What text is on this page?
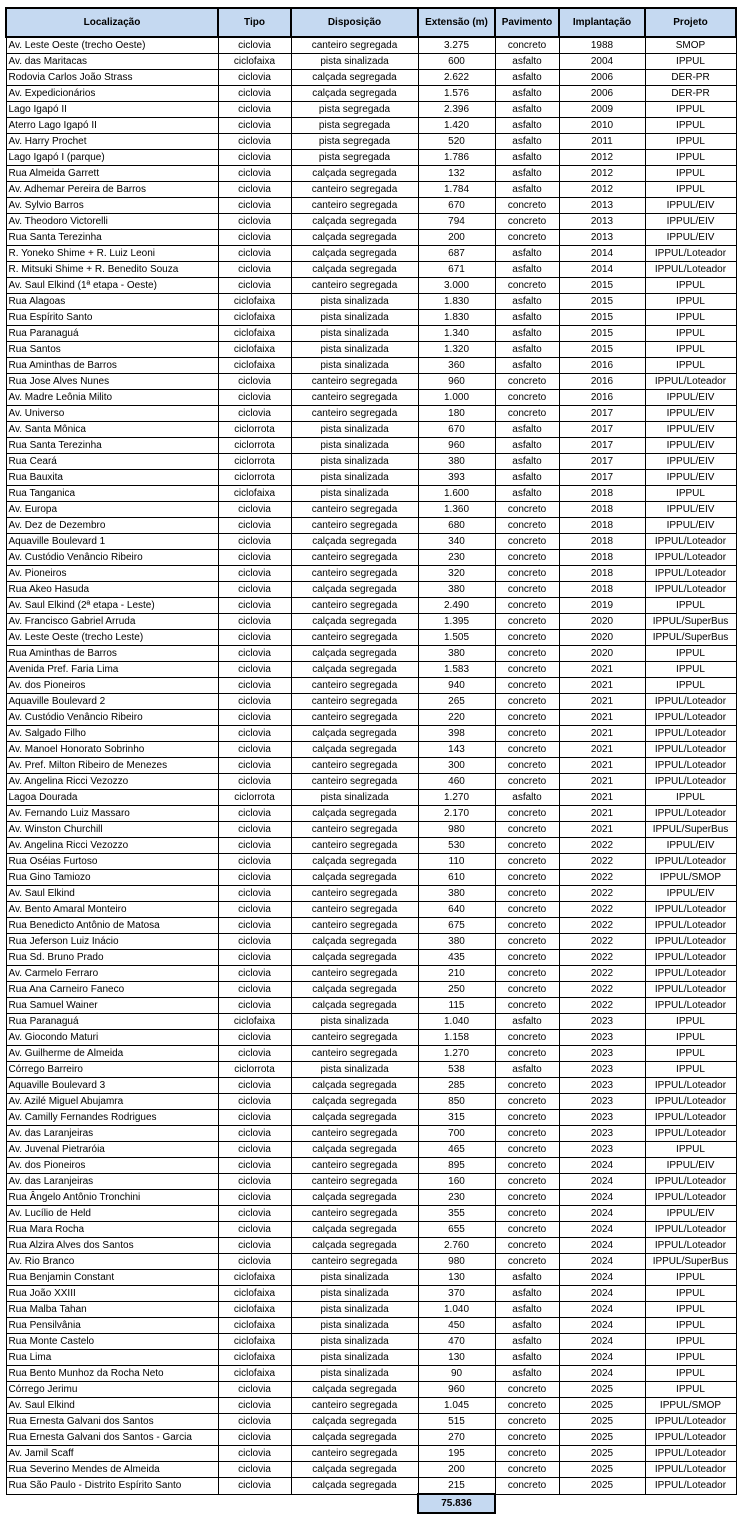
Localização	Tipo	Disposição	Extensão (m)	Pavimento	Implantação	Projeto
Av. Leste Oeste (trecho Oeste)	ciclovia	canteiro segregada	3.275	concreto	1988	SMOP
Av. das Maritacas	ciclofaixa	pista sinalizada	600	asfalto	2004	IPPUL
Rodovia Carlos João Strass	ciclovia	calçada segregada	2.622	asfalto	2006	DER-PR
Av. Expedicionários	ciclovia	calçada segregada	1.576	asfalto	2006	DER-PR
Lago Igapó II	ciclovia	pista segregada	2.396	asfalto	2009	IPPUL
Aterro Lago Igapó II	ciclovia	pista segregada	1.420	asfalto	2010	IPPUL
Av. Harry Prochet	ciclovia	pista segregada	520	asfalto	2011	IPPUL
Lago Igapó I (parque)	ciclovia	pista segregada	1.786	asfalto	2012	IPPUL
Rua Almeida Garrett	ciclovia	calçada segregada	132	asfalto	2012	IPPUL
Av. Adhemar Pereira de Barros	ciclovia	canteiro segregada	1.784	asfalto	2012	IPPUL
Av. Sylvio Barros	ciclovia	canteiro segregada	670	concreto	2013	IPPUL/EIV
Av. Theodoro Victorelli	ciclovia	calçada segregada	794	concreto	2013	IPPUL/EIV
Rua Santa Terezinha	ciclovia	calçada segregada	200	concreto	2013	IPPUL/EIV
R. Yoneko Shime + R. Luiz Leoni	ciclovia	calçada segregada	687	asfalto	2014	IPPUL/Loteador
R. Mitsuki Shime + R. Benedito Souza	ciclovia	calçada segregada	671	asfalto	2014	IPPUL/Loteador
Av. Saul Elkind (1ª etapa - Oeste)	ciclovia	canteiro segregada	3.000	concreto	2015	IPPUL
Rua Alagoas	ciclofaixa	pista sinalizada	1.830	asfalto	2015	IPPUL
Rua Espírito Santo	ciclofaixa	pista sinalizada	1.830	asfalto	2015	IPPUL
Rua Paranaguá	ciclofaixa	pista sinalizada	1.340	asfalto	2015	IPPUL
Rua Santos	ciclofaixa	pista sinalizada	1.320	asfalto	2015	IPPUL
Rua Aminthas de Barros	ciclofaixa	pista sinalizada	360	asfalto	2016	IPPUL
Rua Jose Alves Nunes	ciclovia	canteiro segregada	960	concreto	2016	IPPUL/Loteador
Av. Madre Leônia Milito	ciclovia	canteiro segregada	1.000	concreto	2016	IPPUL/EIV
Av. Universo	ciclovia	canteiro segregada	180	concreto	2017	IPPUL/EIV
Av. Santa Mônica	ciclorrota	pista sinalizada	670	asfalto	2017	IPPUL/EIV
Rua Santa Terezinha	ciclorrota	pista sinalizada	960	asfalto	2017	IPPUL/EIV
Rua Ceará	ciclorrota	pista sinalizada	380	asfalto	2017	IPPUL/EIV
Rua Bauxita	ciclorrota	pista sinalizada	393	asfalto	2017	IPPUL/EIV
Rua Tanganica	ciclofaixa	pista sinalizada	1.600	asfalto	2018	IPPUL
Av. Europa	ciclovia	canteiro segregada	1.360	concreto	2018	IPPUL/EIV
Av. Dez de Dezembro	ciclovia	canteiro segregada	680	concreto	2018	IPPUL/EIV
Aquaville Boulevard 1	ciclovia	calçada segregada	340	concreto	2018	IPPUL/Loteador
Av. Custódio Venâncio Ribeiro	ciclovia	canteiro segregada	230	concreto	2018	IPPUL/Loteador
Av. Pioneiros	ciclovia	canteiro segregada	320	concreto	2018	IPPUL/Loteador
Rua Akeo Hasuda	ciclovia	calçada segregada	380	concreto	2018	IPPUL/Loteador
Av. Saul Elkind (2ª etapa - Leste)	ciclovia	canteiro segregada	2.490	concreto	2019	IPPUL
Av. Francisco Gabriel Arruda	ciclovia	calçada segregada	1.395	concreto	2020	IPPUL/SuperBus
Av. Leste Oeste (trecho Leste)	ciclovia	canteiro segregada	1.505	concreto	2020	IPPUL/SuperBus
Rua Aminthas de Barros	ciclovia	calçada segregada	380	concreto	2020	IPPUL
Avenida Pref. Faria Lima	ciclovia	calçada segregada	1.583	concreto	2021	IPPUL
Av. dos Pioneiros	ciclovia	canteiro segregada	940	concreto	2021	IPPUL
Aquaville Boulevard 2	ciclovia	canteiro segregada	265	concreto	2021	IPPUL/Loteador
Av. Custódio Venâncio Ribeiro	ciclovia	canteiro segregada	220	concreto	2021	IPPUL/Loteador
Av. Salgado Filho	ciclovia	calçada segregada	398	concreto	2021	IPPUL/Loteador
Av. Manoel Honorato Sobrinho	ciclovia	calçada segregada	143	concreto	2021	IPPUL/Loteador
Av. Pref. Milton Ribeiro de Menezes	ciclovia	canteiro segregada	300	concreto	2021	IPPUL/Loteador
Av. Angelina Ricci Vezozzo	ciclovia	canteiro segregada	460	concreto	2021	IPPUL/Loteador
Lagoa Dourada	ciclorrota	pista sinalizada	1.270	asfalto	2021	IPPUL
Av. Fernando Luiz Massaro	ciclovia	calçada segregada	2.170	concreto	2021	IPPUL/Loteador
Av. Winston Churchill	ciclovia	canteiro segregada	980	concreto	2021	IPPUL/SuperBus
Av. Angelina Ricci Vezozzo	ciclovia	canteiro segregada	530	concreto	2022	IPPUL/EIV
Rua Oséias Furtoso	ciclovia	calçada segregada	110	concreto	2022	IPPUL/Loteador
Rua Gino Tamiozo	ciclovia	calçada segregada	610	concreto	2022	IPPUL/SMOP
Av. Saul Elkind	ciclovia	canteiro segregada	380	concreto	2022	IPPUL/EIV
Av. Bento Amaral Monteiro	ciclovia	canteiro segregada	640	concreto	2022	IPPUL/Loteador
Rua Benedicto Antônio de Matosa	ciclovia	canteiro segregada	675	concreto	2022	IPPUL/Loteador
Rua Jeferson Luiz Inácio	ciclovia	calçada segregada	380	concreto	2022	IPPUL/Loteador
Rua Sd. Bruno Prado	ciclovia	calçada segregada	435	concreto	2022	IPPUL/Loteador
Av. Carmelo Ferraro	ciclovia	canteiro segregada	210	concreto	2022	IPPUL/Loteador
Rua Ana Carneiro Faneco	ciclovia	calçada segregada	250	concreto	2022	IPPUL/Loteador
Rua Samuel Wainer	ciclovia	calçada segregada	115	concreto	2022	IPPUL/Loteador
Rua Paranaguá	ciclofaixa	pista sinalizada	1.040	asfalto	2023	IPPUL
Av. Giocondo Maturi	ciclovia	canteiro segregada	1.158	concreto	2023	IPPUL
Av. Guilherme de Almeida	ciclovia	canteiro segregada	1.270	concreto	2023	IPPUL
Córrego Barreiro	ciclorrota	pista sinalizada	538	asfalto	2023	IPPUL
Aquaville Boulevard 3	ciclovia	calçada segregada	285	concreto	2023	IPPUL/Loteador
Av. Azilé Miguel Abujamra	ciclovia	calçada segregada	850	concreto	2023	IPPUL/Loteador
Av. Camilly Fernandes Rodrigues	ciclovia	calçada segregada	315	concreto	2023	IPPUL/Loteador
Av. das Laranjeiras	ciclovia	canteiro segregada	700	concreto	2023	IPPUL/Loteador
Av. Juvenal Pietraróia	ciclovia	calçada segregada	465	concreto	2023	IPPUL
Av. dos Pioneiros	ciclovia	canteiro segregada	895	concreto	2024	IPPUL/EIV
Av. das Laranjeiras	ciclovia	canteiro segregada	160	concreto	2024	IPPUL/Loteador
Rua Ângelo Antônio Tronchini	ciclovia	calçada segregada	230	concreto	2024	IPPUL/Loteador
Av. Lucílio de Held	ciclovia	canteiro segregada	355	concreto	2024	IPPUL/EIV
Rua Mara Rocha	ciclovia	calçada segregada	655	concreto	2024	IPPUL/Loteador
Rua Alzira Alves dos Santos	ciclovia	calçada segregada	2.760	concreto	2024	IPPUL/Loteador
Av. Rio Branco	ciclovia	canteiro segregada	980	concreto	2024	IPPUL/SuperBus
Rua Benjamin Constant	ciclofaixa	pista sinalizada	130	asfalto	2024	IPPUL
Rua João XXIII	ciclofaixa	pista sinalizada	370	asfalto	2024	IPPUL
Rua Malba Tahan	ciclofaixa	pista sinalizada	1.040	asfalto	2024	IPPUL
Rua Pensilvânia	ciclofaixa	pista sinalizada	450	asfalto	2024	IPPUL
Rua Monte Castelo	ciclofaixa	pista sinalizada	470	asfalto	2024	IPPUL
Rua Lima	ciclofaixa	pista sinalizada	130	asfalto	2024	IPPUL
Rua Bento Munhoz da Rocha Neto	ciclofaixa	pista sinalizada	90	asfalto	2024	IPPUL
Córrego Jerimu	ciclovia	calçada segregada	960	concreto	2025	IPPUL
Av. Saul Elkind	ciclovia	canteiro segregada	1.045	concreto	2025	IPPUL/SMOP
Rua Ernesta Galvani dos Santos	ciclovia	calçada segregada	515	concreto	2025	IPPUL/Loteador
Rua Ernesta Galvani dos Santos - Garcia	ciclovia	calçada segregada	270	concreto	2025	IPPUL/Loteador
Av. Jamil Scaff	ciclovia	canteiro segregada	195	concreto	2025	IPPUL/Loteador
Rua Severino Mendes de Almeida	ciclovia	calçada segregada	200	concreto	2025	IPPUL/Loteador
Rua São Paulo - Distrito Espírito Santo	ciclovia	calçada segregada	215	concreto	2025	IPPUL/Loteador
			75.836			
